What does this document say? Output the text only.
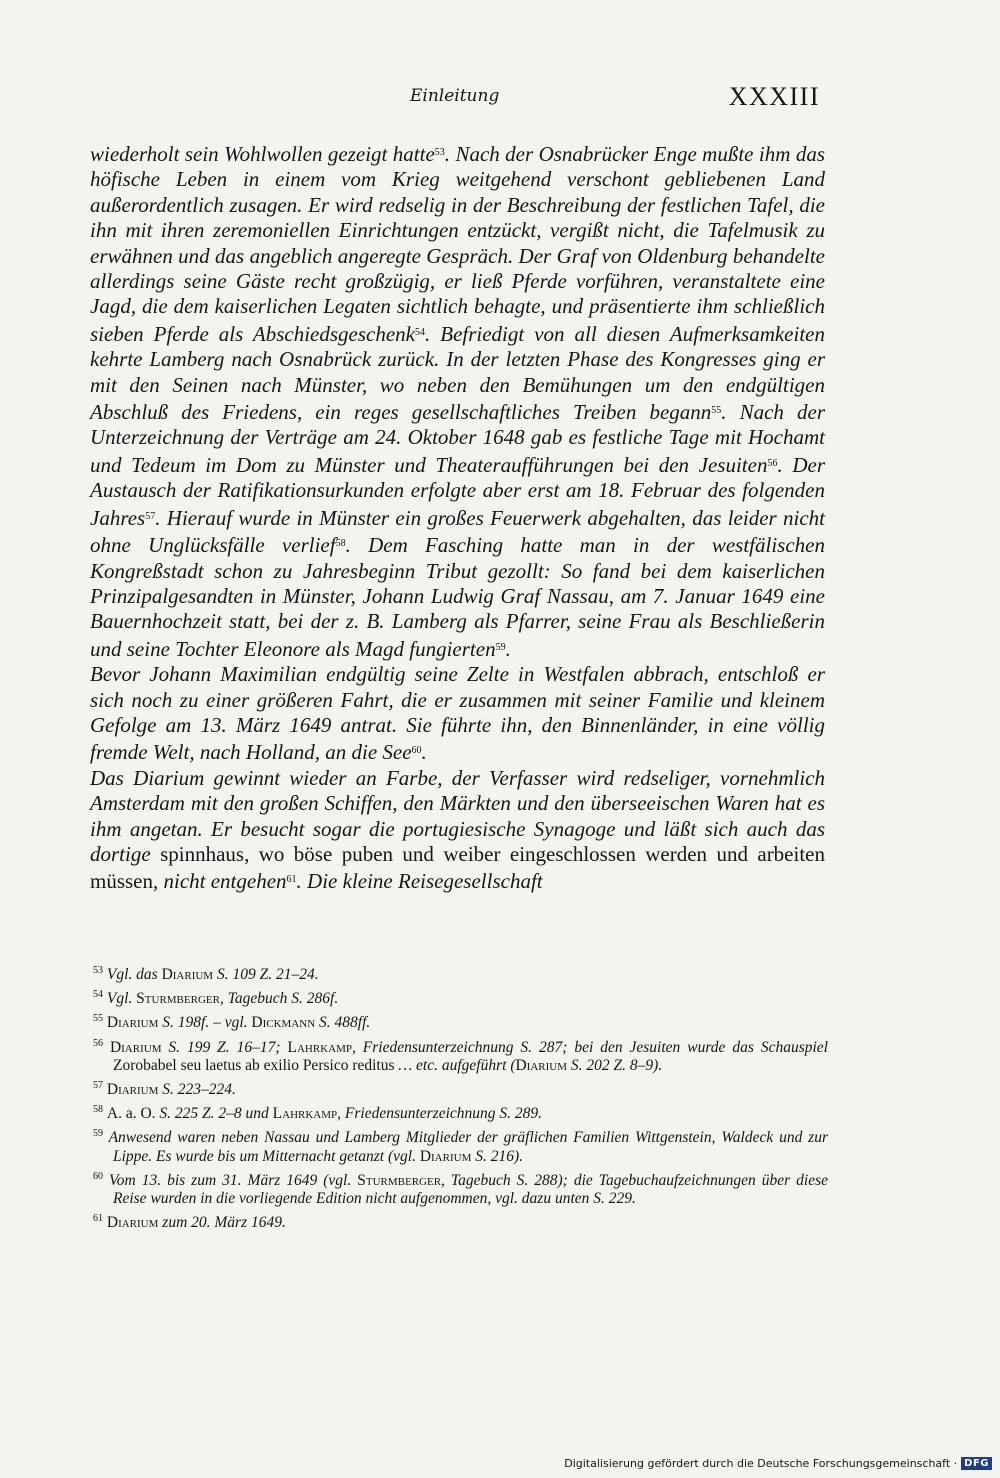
Einleitung	XXXIII

wiederholt sein Wohlwollen gezeigt hatte$^{53}$. Nach der Osnabrücker Enge mußte ihm das höfische Leben in einem vom Krieg weitgehend verschont gebliebenen Land außerordentlich zusagen. Er wird redselig in der Beschreibung der festlichen Tafel, die ihn mit ihren zeremoniellen Einrichtungen entzückt, vergißt nicht, die Tafelmusik zu erwähnen und das angeblich angeregte Gespräch. Der Graf von Oldenburg behandelte allerdings seine Gäste recht großzügig, er ließ Pferde vorführen, veranstaltete eine Jagd, die dem kaiserlichen Legaten sichtlich behagte, und präsentierte ihm schließlich sieben Pferde als Abschiedsgeschenk$^{54}$. Befriedigt von all diesen Aufmerksamkeiten kehrte Lamberg nach Osnabrück zurück. In der letzten Phase des Kongresses ging er mit den Seinen nach Münster, wo neben den Bemühungen um den endgültigen Abschluß des Friedens, ein reges gesellschaftliches Treiben begann$^{55}$. Nach der Unterzeichnung der Verträge am 24. Oktober 1648 gab es festliche Tage mit Hochamt und Tedeum im Dom zu Münster und Theateraufführungen bei den Jesuiten$^{56}$. Der Austausch der Ratifikationsurkunden erfolgte aber erst am 18. Februar des folgenden Jahres$^{57}$. Hierauf wurde in Münster ein großes Feuerwerk abgehalten, das leider nicht ohne Unglücksfälle verlief$^{58}$. Dem Fasching hatte man in der westfälischen Kongreßstadt schon zu Jahresbeginn Tribut gezollt: So fand bei dem kaiserlichen Prinzipalgesandten in Münster, Johann Ludwig Graf Nassau, am 7. Januar 1649 eine Bauernhochzeit statt, bei der z. B. Lamberg als Pfarrer, seine Frau als Beschließerin und seine Tochter Eleonore als Magd fungierten$^{59}$.

Bevor Johann Maximilian endgültig seine Zelte in Westfalen abbrach, entschloß er sich noch zu einer größeren Fahrt, die er zusammen mit seiner Familie und kleinem Gefolge am 13. März 1649 antrat. Sie führte ihn, den Binnenländer, in eine völlig fremde Welt, nach Holland, an die See$^{60}$.

Das Diarium gewinnt wieder an Farbe, der Verfasser wird redseliger, vornehmlich Amsterdam mit den großen Schiffen, den Märkten und den überseeischen Waren hat es ihm angetan. Er besucht sogar die portugiesische Synagoge und läßt sich auch das dortige spinnhaus, wo böse puben und weiber eingeschlossen werden und arbeiten müssen, nicht entgehen$^{61}$. Die kleine Reisegesellschaft

$^{53}$ Vgl. das Diarium S. 109 Z. 21–24.

$^{54}$ Vgl. Sturmberger, Tagebuch S. 286f.

$^{55}$ Diarium S. 198f. – vgl. Dickmann S. 488ff.

$^{56}$ Diarium S. 199 Z. 16–17; Lahrkamp, Friedensunterzeichnung S. 287; bei den Jesuiten wurde das Schauspiel Zorobabel seu laetus ab exilio Persico reditus … etc. aufgeführt (Diarium S. 202 Z. 8–9).

$^{57}$ Diarium S. 223–224.

$^{58}$ A. a. O. S. 225 Z. 2–8 und Lahrkamp, Friedensunterzeichnung S. 289.

$^{59}$ Anwesend waren neben Nassau und Lamberg Mitglieder der gräflichen Familien Wittgenstein, Waldeck und zur Lippe. Es wurde bis um Mitternacht getanzt (vgl. Diarium S. 216).

$^{60}$ Vom 13. bis zum 31. März 1649 (vgl. Sturmberger, Tagebuch S. 288); die Tagebuchaufzeichnungen über diese Reise wurden in die vorliegende Edition nicht aufgenommen, vgl. dazu unten S. 229.

$^{61}$ Diarium zum 20. März 1649.

Digitalisierung gefördert durch die Deutsche Forschungsgemeinschaft · DFG
